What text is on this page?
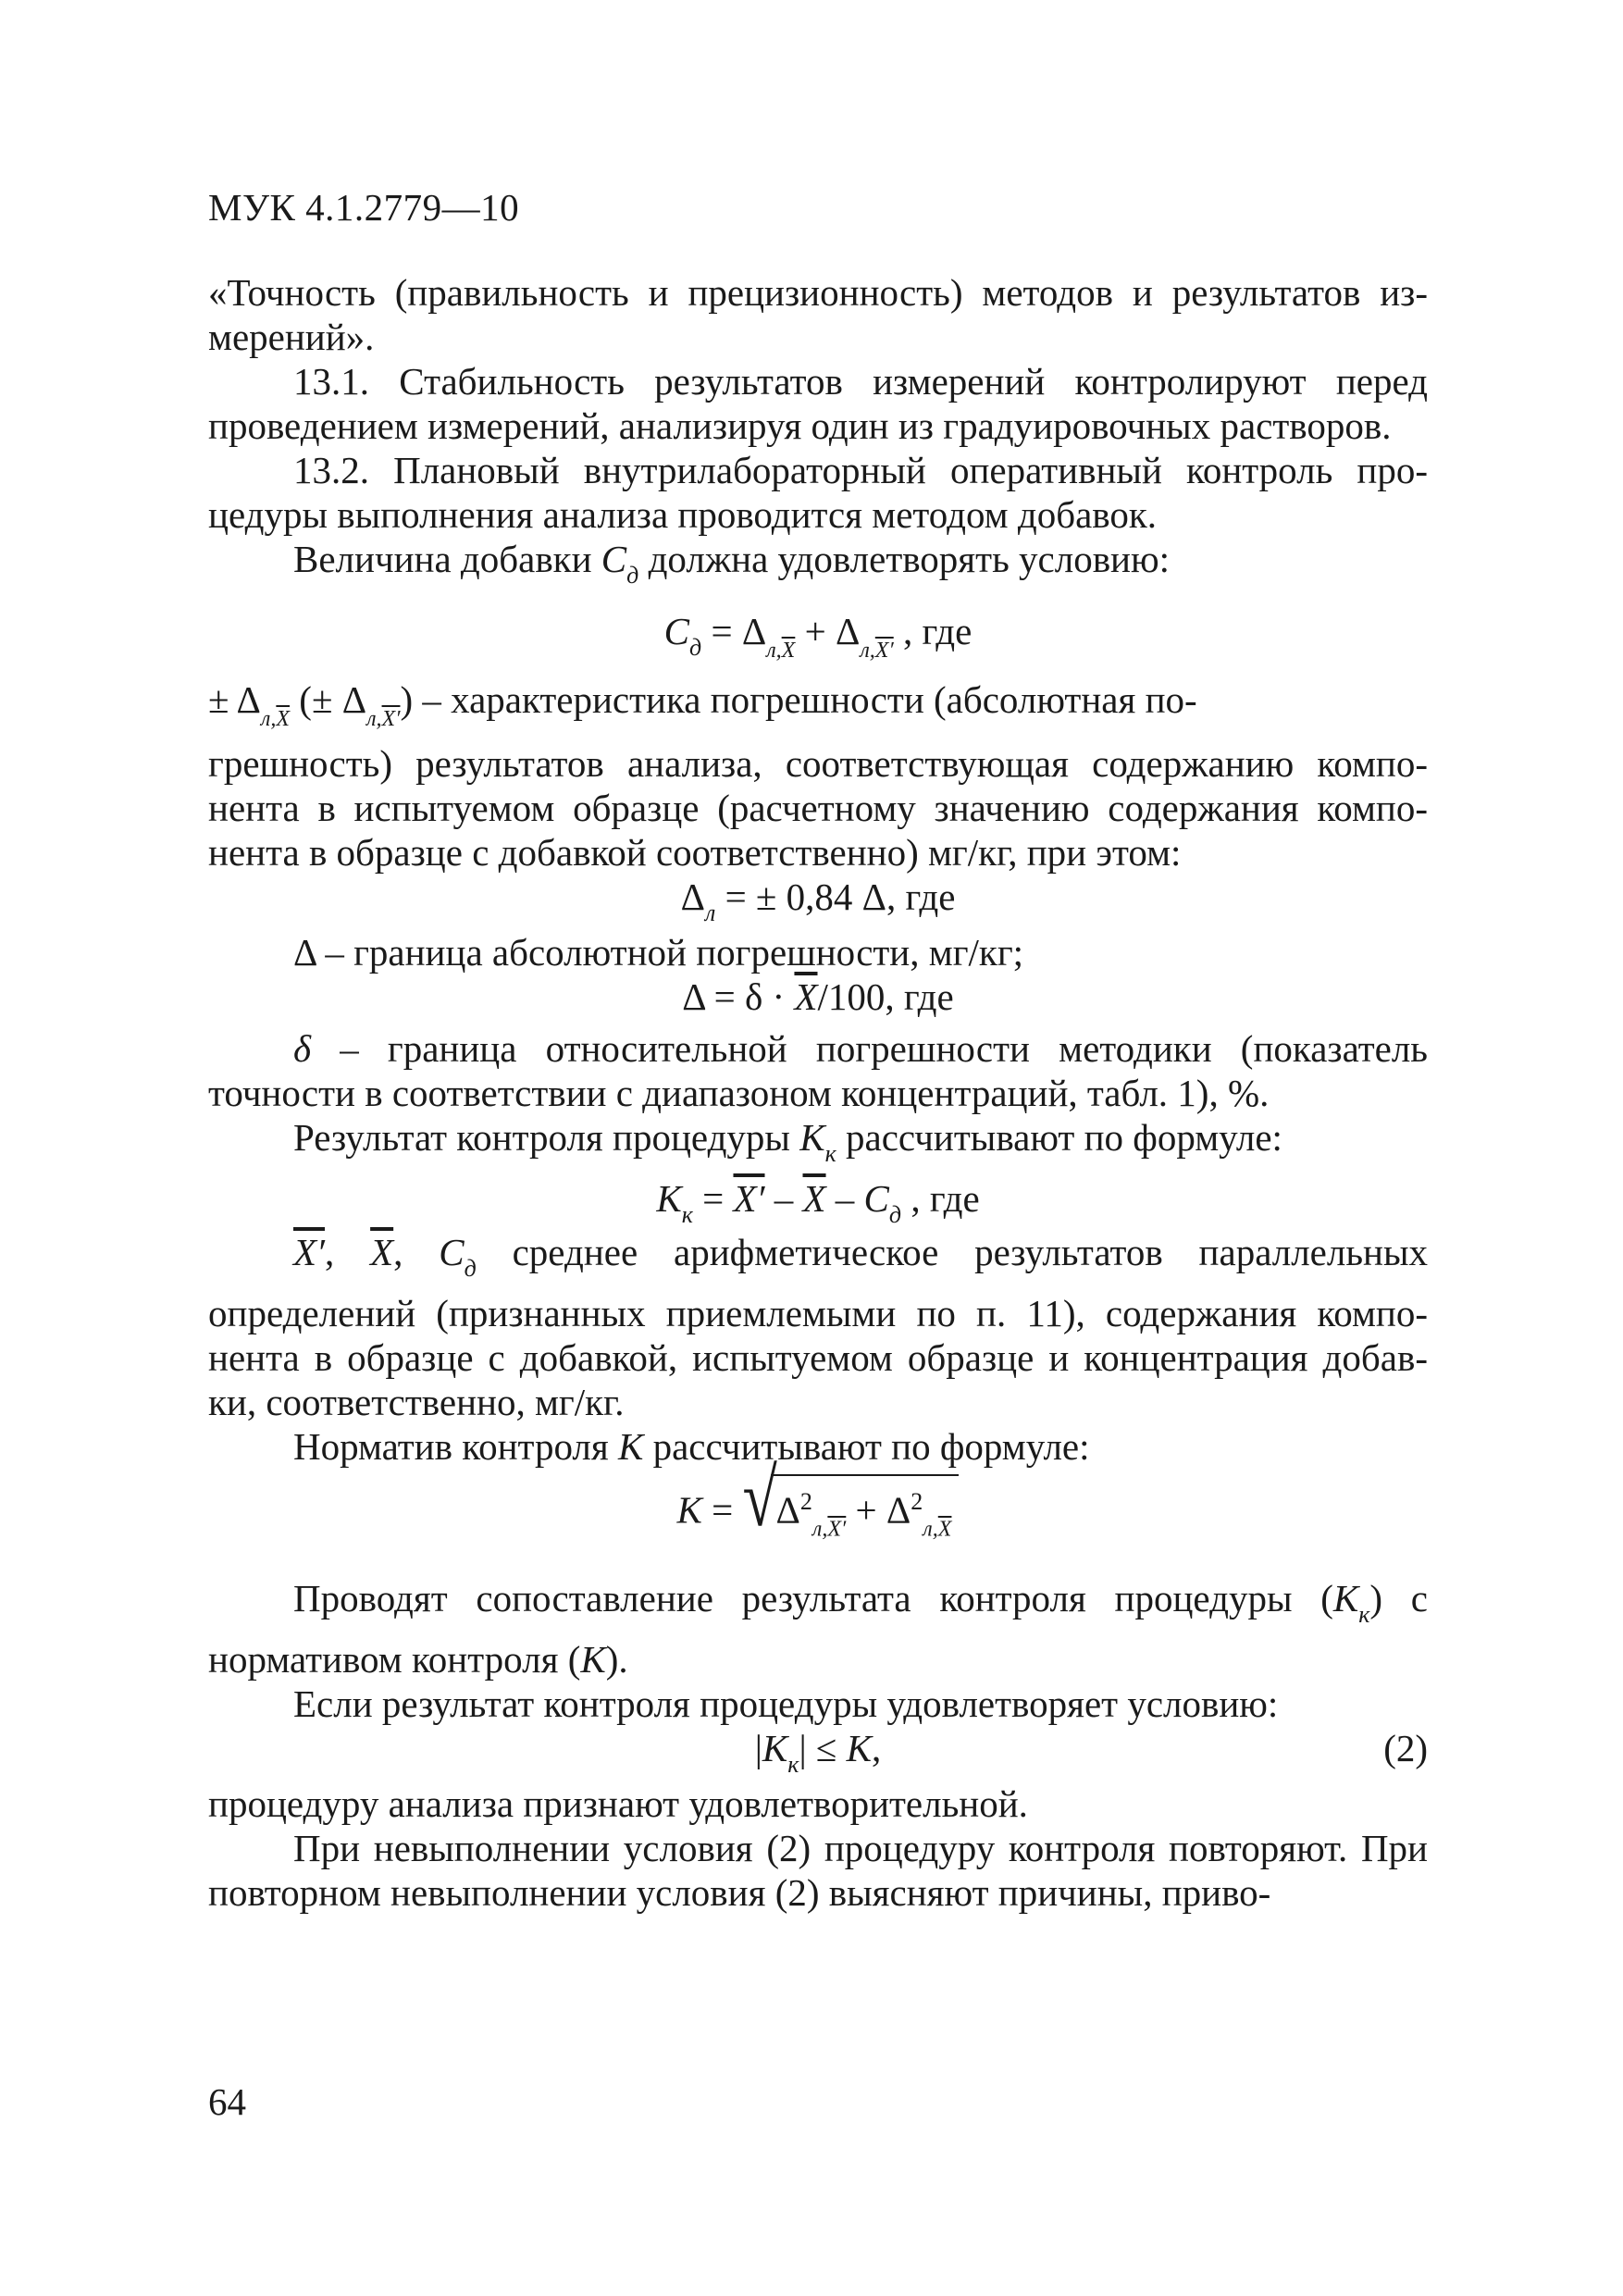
МУК 4.1.2779—10

«Точность (правильность и прецизионность) методов и результатов из-мерений».

13.1. Стабильность результатов измерений контролируют перед проведением измерений, анализируя один из градуировочных растворов.

13.2. Плановый внутрилабораторный оперативный контроль про-цедуры выполнения анализа проводится методом добавок.

Величина добавки $C_д$ должна удовлетворять условию:

$C_д = \Delta_{л,\overline{X}} + \Delta_{л,X'}$ , где

± $\Delta_{л,\overline{X}}$ (± $\Delta_{л,X'}$) – характеристика погрешности (абсолютная по-

грешность) результатов анализа, соответствующая содержанию компо-нента в испытуемом образце (расчетному значению содержания компо-нента в образце с добавкой соответственно) мг/кг, при этом:

$\Delta_л$ = ± 0,84 Δ, где

Δ – граница абсолютной погрешности, мг/кг;

$\Delta = \delta \cdot \overline{X}/100$, где

δ – граница относительной погрешности методики (показатель точности в соответствии с диапазоном концентраций, табл. 1), %.

Результат контроля процедуры $K_к$ рассчитывают по формуле:

$K_к = X' - \overline{X} - C_д$ , где

X′, $\overline{X}$, $C_д$ среднее арифметическое результатов параллельных определений (признанных приемлемыми по п. 11), содержания компо-нента в образце с добавкой, испытуемом образце и концентрация добав-ки, соответственно, мг/кг.

Норматив контроля K рассчитывают по формуле:

K = √
$\Delta^2_{л,X'} + \Delta^2_{л,\overline{X}}$

Проводят сопоставление результата контроля процедуры $(K_к)$ с нормативом контроля (K).

Если результат контроля процедуры удовлетворяет условию:

$|K_к| \le K$,	(2)

процедуру анализа признают удовлетворительной.

При невыполнении условия (2) процедуру контроля повторяют. При повторном невыполнении условия (2) выясняют причины, приво-

64
